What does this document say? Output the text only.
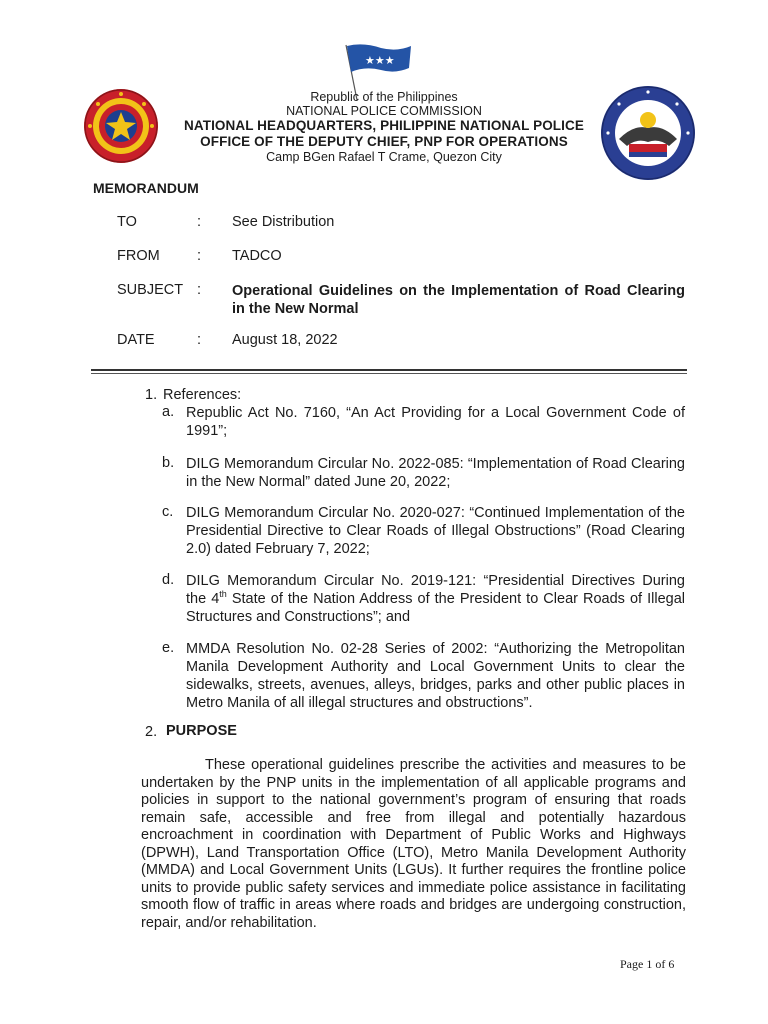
★★★
Republic of the Philippines
NATIONAL POLICE COMMISSION
NATIONAL HEADQUARTERS, PHILIPPINE NATIONAL POLICE
OFFICE OF THE DEPUTY CHIEF, PNP FOR OPERATIONS
Camp BGen Rafael T Crame, Quezon City
MEMORANDUM
TO	: See Distribution
FROM	: TADCO
SUBJECT : Operational Guidelines on the Implementation of Road Clearing in the New Normal
DATE	: August 18, 2022
1. References:
a. Republic Act No. 7160, “An Act Providing for a Local Government Code of 1991”;
b. DILG Memorandum Circular No. 2022-085: “Implementation of Road Clearing in the New Normal” dated June 20, 2022;
c. DILG Memorandum Circular No. 2020-027: “Continued Implementation of the Presidential Directive to Clear Roads of Illegal Obstructions” (Road Clearing 2.0) dated February 7, 2022;
d. DILG Memorandum Circular No. 2019-121: “Presidential Directives During the 4th State of the Nation Address of the President to Clear Roads of Illegal Structures and Constructions”; and
e. MMDA Resolution No. 02-28 Series of 2002: “Authorizing the Metropolitan Manila Development Authority and Local Government Units to clear the sidewalks, streets, avenues, alleys, bridges, parks and other public places in Metro Manila of all illegal structures and obstructions”.
2. PURPOSE
These operational guidelines prescribe the activities and measures to be undertaken by the PNP units in the implementation of all applicable programs and policies in support to the national government’s program of ensuring that roads remain safe, accessible and free from illegal and potentially hazardous encroachment in coordination with Department of Public Works and Highways (DPWH), Land Transportation Office (LTO), Metro Manila Development Authority (MMDA) and Local Government Units (LGUs). It further requires the frontline police units to provide public safety services and immediate police assistance in facilitating smooth flow of traffic in areas where roads and bridges are undergoing construction, repair, and/or rehabilitation.
Page 1 of 6
